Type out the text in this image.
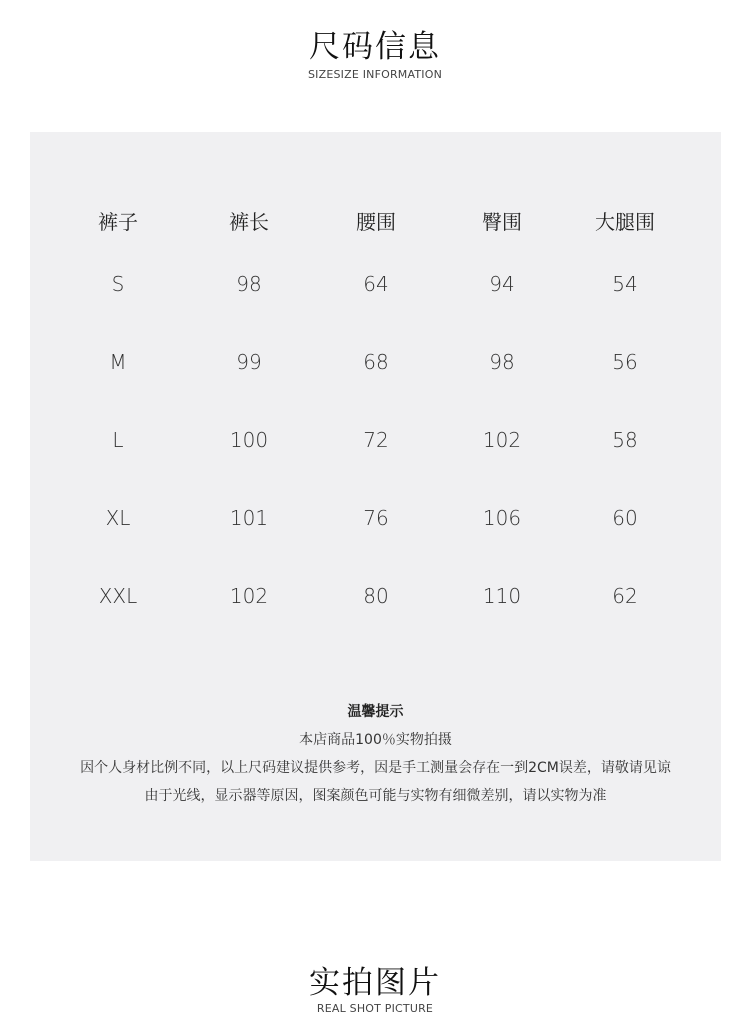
尺码信息
SIZESIZE INFORMATION
裤子	裤长	腰围	臀围	大腿围
S	98	64	94	54
M	99	68	98	56
L	100	72	102	58
XL	101	76	106	60
XXL	102	80	110	62
温馨提示
本店商品100％实物拍摄
因个人身材比例不同，以上尺码建议提供参考，因是手工测量会存在一到2CM误差，请敬请见谅
由于光线，显示器等原因，图案颜色可能与实物有细微差别，请以实物为准
实拍图片
REAL SHOT PICTURE
